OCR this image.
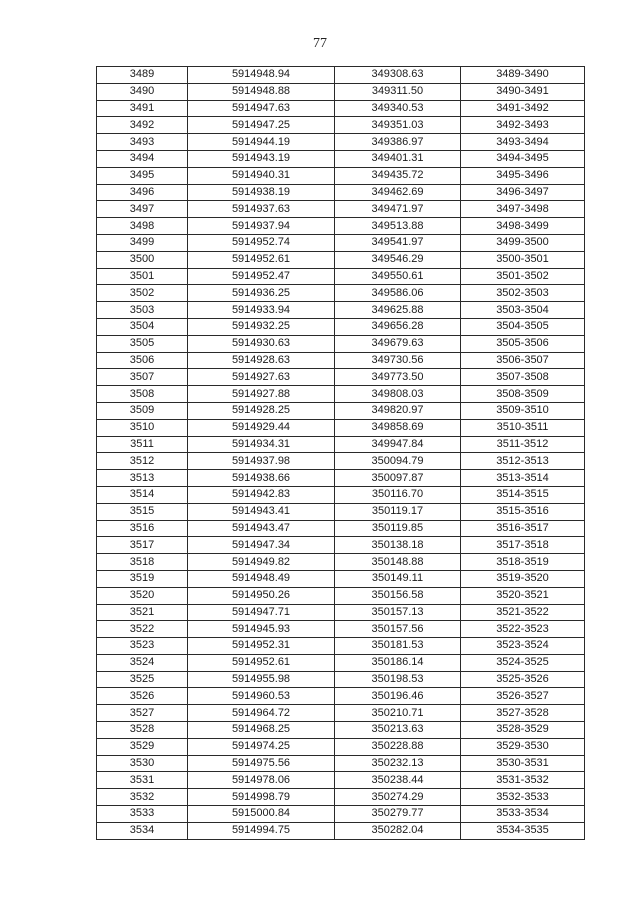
77
3489	5914948.94	349308.63	3489-3490
3490	5914948.88	349311.50	3490-3491
3491	5914947.63	349340.53	3491-3492
3492	5914947.25	349351.03	3492-3493
3493	5914944.19	349386.97	3493-3494
3494	5914943.19	349401.31	3494-3495
3495	5914940.31	349435.72	3495-3496
3496	5914938.19	349462.69	3496-3497
3497	5914937.63	349471.97	3497-3498
3498	5914937.94	349513.88	3498-3499
3499	5914952.74	349541.97	3499-3500
3500	5914952.61	349546.29	3500-3501
3501	5914952.47	349550.61	3501-3502
3502	5914936.25	349586.06	3502-3503
3503	5914933.94	349625.88	3503-3504
3504	5914932.25	349656.28	3504-3505
3505	5914930.63	349679.63	3505-3506
3506	5914928.63	349730.56	3506-3507
3507	5914927.63	349773.50	3507-3508
3508	5914927.88	349808.03	3508-3509
3509	5914928.25	349820.97	3509-3510
3510	5914929.44	349858.69	3510-3511
3511	5914934.31	349947.84	3511-3512
3512	5914937.98	350094.79	3512-3513
3513	5914938.66	350097.87	3513-3514
3514	5914942.83	350116.70	3514-3515
3515	5914943.41	350119.17	3515-3516
3516	5914943.47	350119.85	3516-3517
3517	5914947.34	350138.18	3517-3518
3518	5914949.82	350148.88	3518-3519
3519	5914948.49	350149.11	3519-3520
3520	5914950.26	350156.58	3520-3521
3521	5914947.71	350157.13	3521-3522
3522	5914945.93	350157.56	3522-3523
3523	5914952.31	350181.53	3523-3524
3524	5914952.61	350186.14	3524-3525
3525	5914955.98	350198.53	3525-3526
3526	5914960.53	350196.46	3526-3527
3527	5914964.72	350210.71	3527-3528
3528	5914968.25	350213.63	3528-3529
3529	5914974.25	350228.88	3529-3530
3530	5914975.56	350232.13	3530-3531
3531	5914978.06	350238.44	3531-3532
3532	5914998.79	350274.29	3532-3533
3533	5915000.84	350279.77	3533-3534
3534	5914994.75	350282.04	3534-3535
